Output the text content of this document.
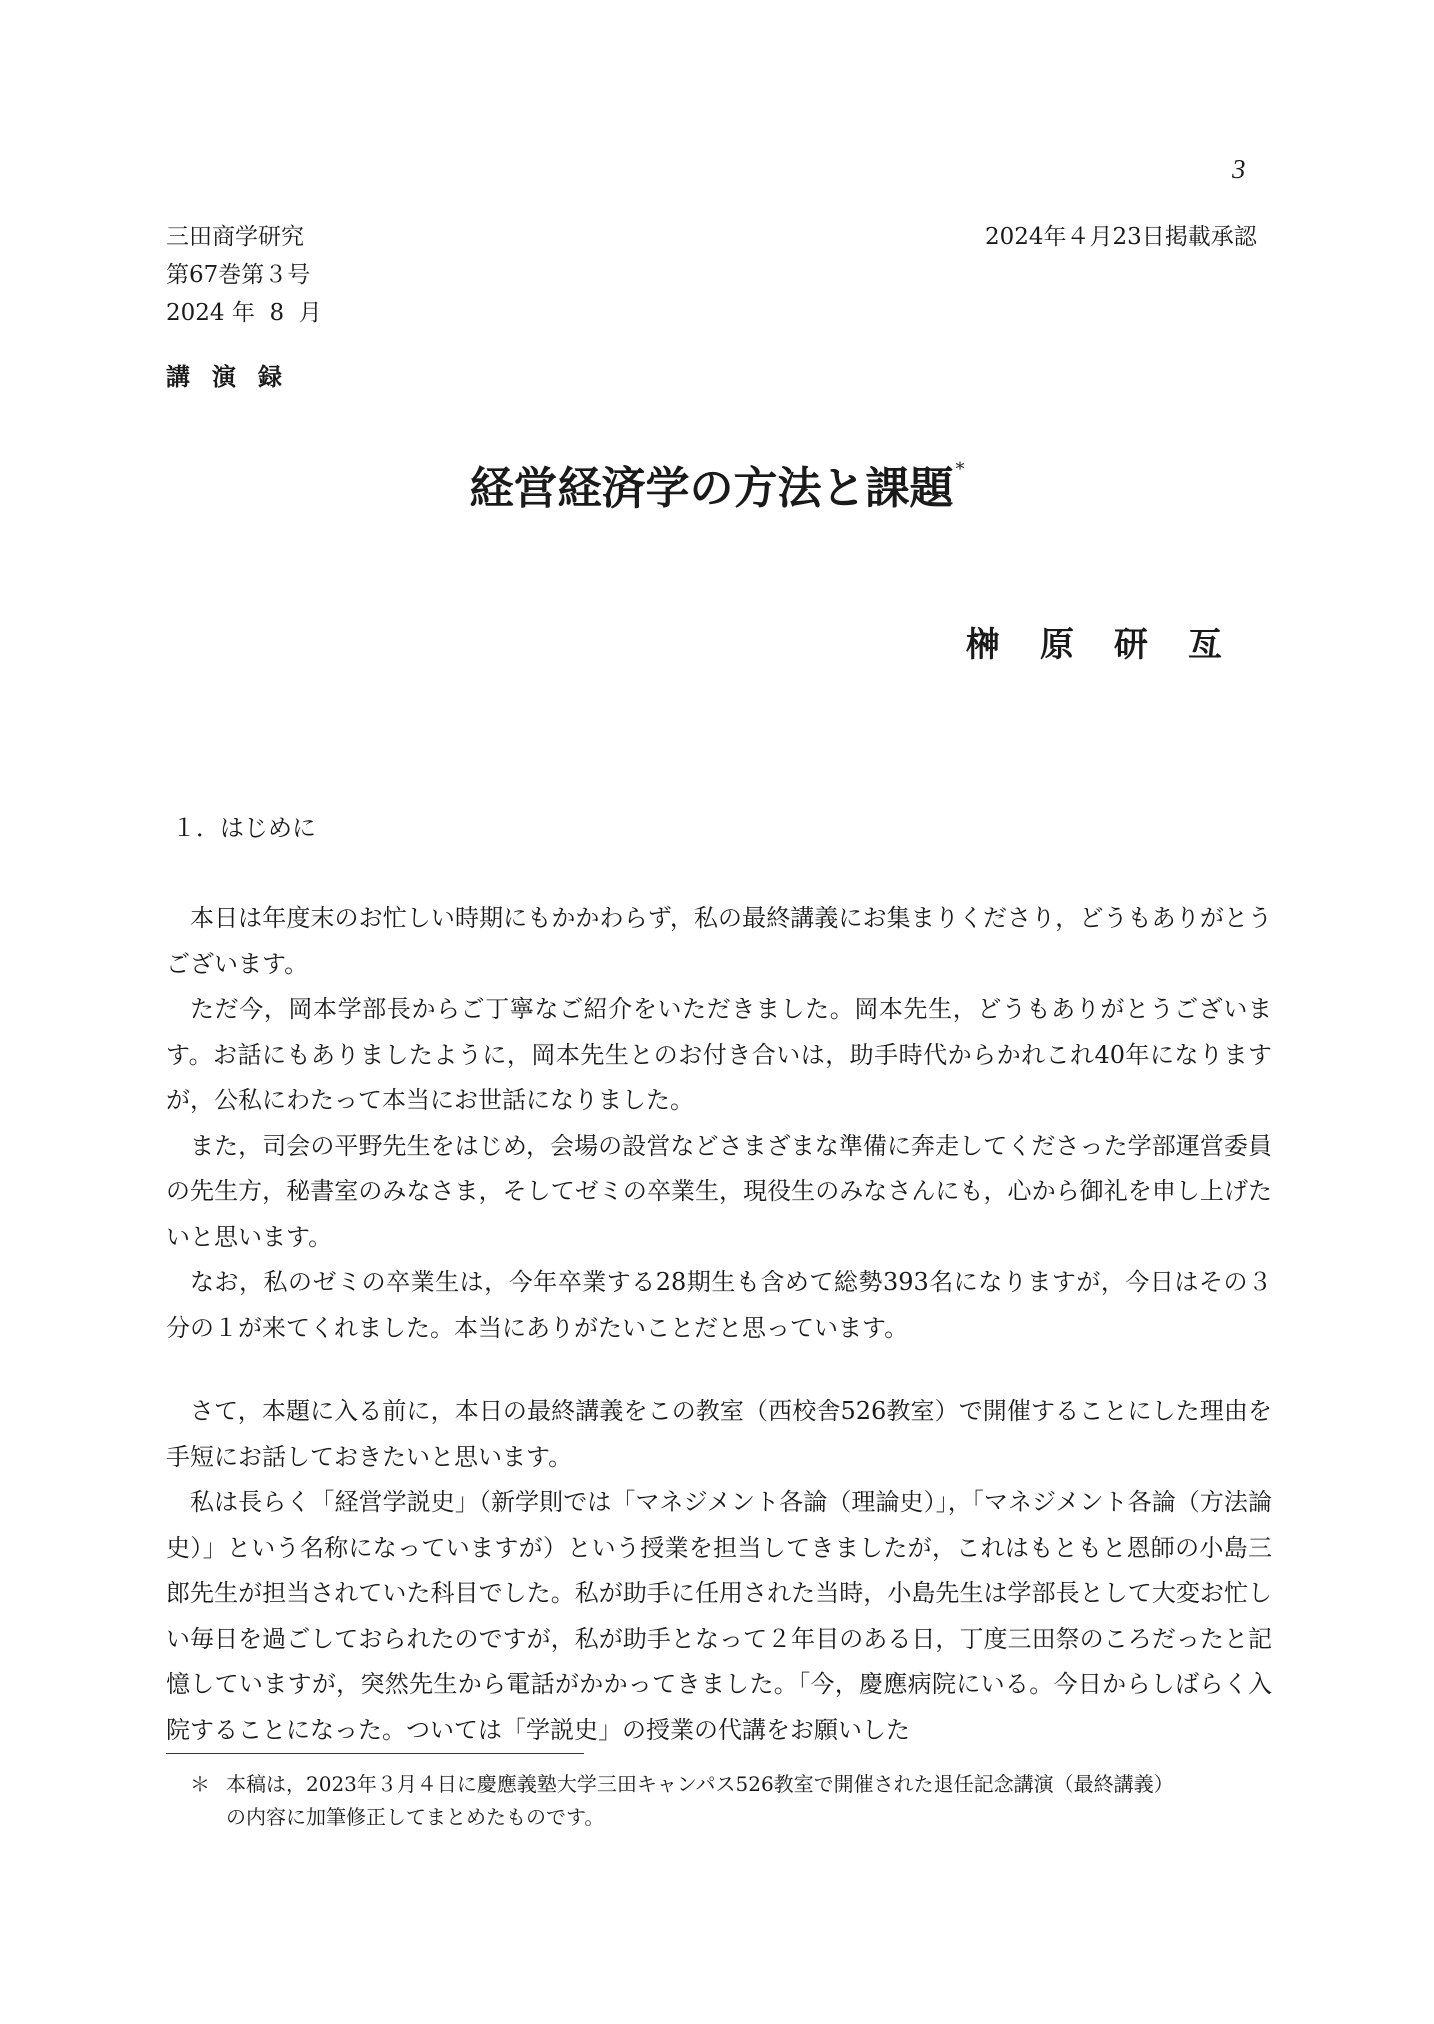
3
三田商学研究
第67巻第３号
2024 年  8  月
2024年４月23日掲載承認
講演録
経営経済学の方法と課題 *
榊原研亙
１．はじめに

本日は年度末のお忙しい時期にもかかわらず，私の最終講義にお集まりくださり，どうもありがとうございます。

ただ今，岡本学部長からご丁寧なご紹介をいただきました。岡本先生，どうもありがとうございます。お話にもありましたように，岡本先生とのお付き合いは，助手時代からかれこれ40年になりますが，公私にわたって本当にお世話になりました。

また，司会の平野先生をはじめ，会場の設営などさまざまな準備に奔走してくださった学部運営委員の先生方，秘書室のみなさま，そしてゼミの卒業生，現役生のみなさんにも，心から御礼を申し上げたいと思います。

なお，私のゼミの卒業生は，今年卒業する28期生も含めて総勢393名になりますが，今日はその３分の１が来てくれました。本当にありがたいことだと思っています。

さて，本題に入る前に，本日の最終講義をこの教室（西校舎526教室）で開催することにした理由を手短にお話しておきたいと思います。

私は長らく「経営学説史」（新学則では「マネジメント各論（理論史）」，「マネジメント各論（方法論史）」という名称になっていますが）という授業を担当してきましたが，これはもともと恩師の小島三郎先生が担当されていた科目でした。私が助手に任用された当時，小島先生は学部長として大変お忙しい毎日を過ごしておられたのですが，私が助手となって２年目のある日，丁度三田祭のころだったと記憶していますが，突然先生から電話がかかってきました。「今，慶應病院にいる。今日からしばらく入院することになった。ついては「学説史」の授業の代講をお願いした

＊ 本稿は，2023年３月４日に慶應義塾大学三田キャンパス526教室で開催された退任記念講演（最終講義）
の内容に加筆修正してまとめたものです。
